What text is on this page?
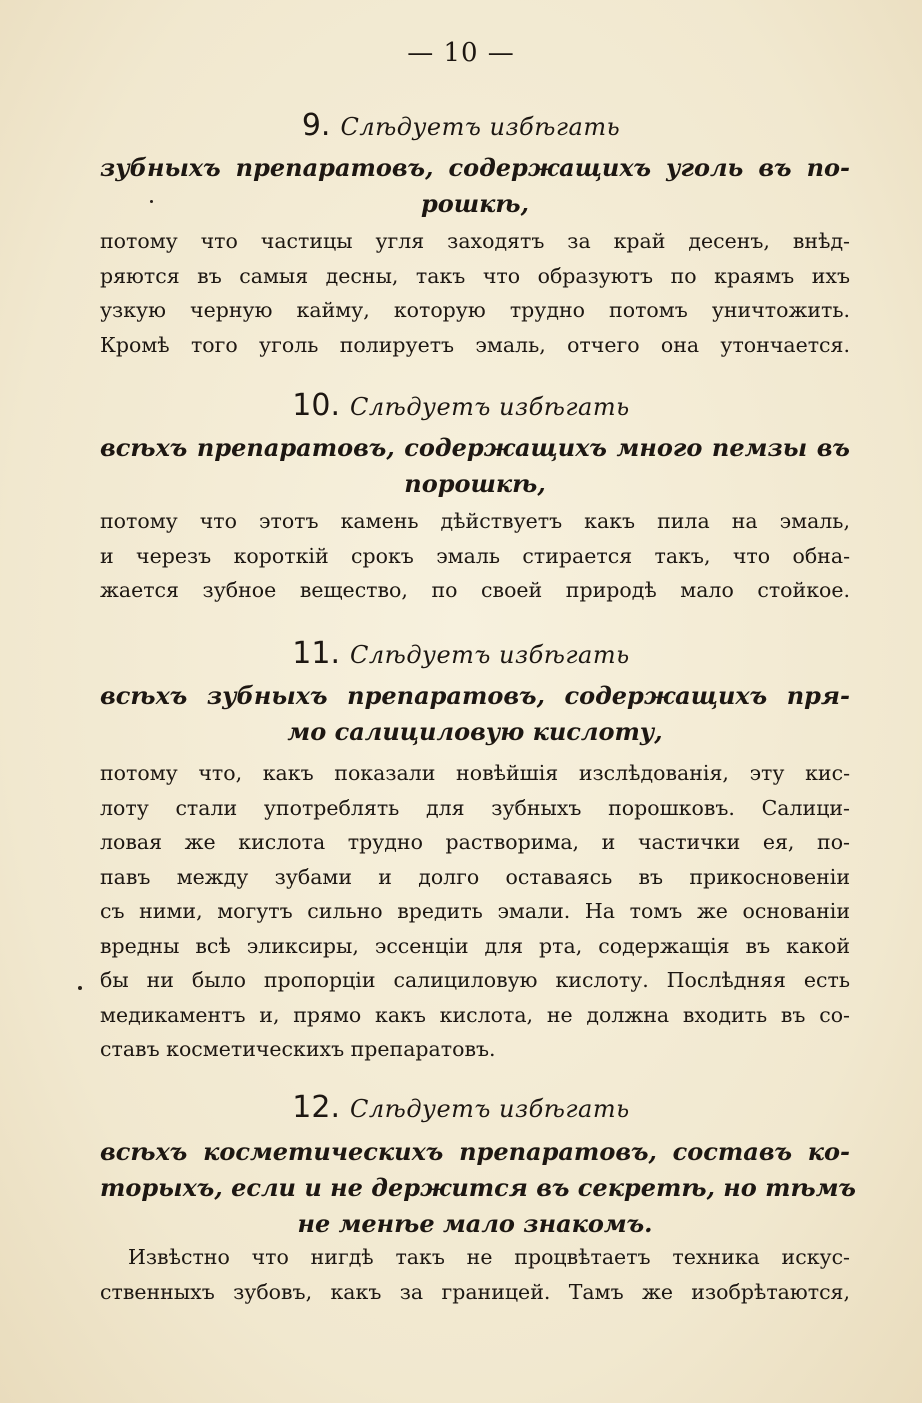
— 10 —
9. Слѣдуетъ избѣгать
зубныхъ препаратовъ, содержащихъ уголь въ по-
рошкѣ,
потому что частицы угля заходятъ за край десенъ, внѣд-
ряются въ самыя десны, такъ что образуютъ по краямъ ихъ
узкую черную кайму, которую трудно потомъ уничтожить.
Кромѣ того уголь полируетъ эмаль, отчего она утончается.
10. Слѣдуетъ избѣгать
всѣхъ препаратовъ, содержащихъ много пемзы въ
порошкѣ,
потому что этотъ камень дѣйствуетъ какъ пила на эмаль,
и черезъ короткій срокъ эмаль стирается такъ, что обна-
жается зубное вещество, по своей природѣ мало стойкое.
11. Слѣдуетъ избѣгать
всѣхъ зубныхъ препаратовъ, содержащихъ пря-
мо салициловую кислоту,
потому что, какъ показали новѣйшія изслѣдованія, эту кис-
лоту стали употреблять для зубныхъ порошковъ. Салици-
ловая же кислота трудно растворима, и частички ея, по-
павъ между зубами и долго оставаясь въ прикосновеніи
съ ними, могутъ сильно вредить эмали. На томъ же основаніи
вредны всѣ эликсиры, эссенціи для рта, содержащія въ какой
бы ни было пропорціи салициловую кислоту. Послѣдняя есть
медикаментъ и, прямо какъ кислота, не должна входить въ со-
ставъ косметическихъ препаратовъ.
12. Слѣдуетъ избѣгать
всѣхъ косметическихъ препаратовъ, составъ ко-
торыхъ, если и не держится въ секретѣ, но тѣмъ
не менѣе мало знакомъ.
Извѣстно что нигдѣ такъ не процвѣтаетъ техника искус-
ственныхъ зубовъ, какъ за границей. Тамъ же изобрѣтаются,
